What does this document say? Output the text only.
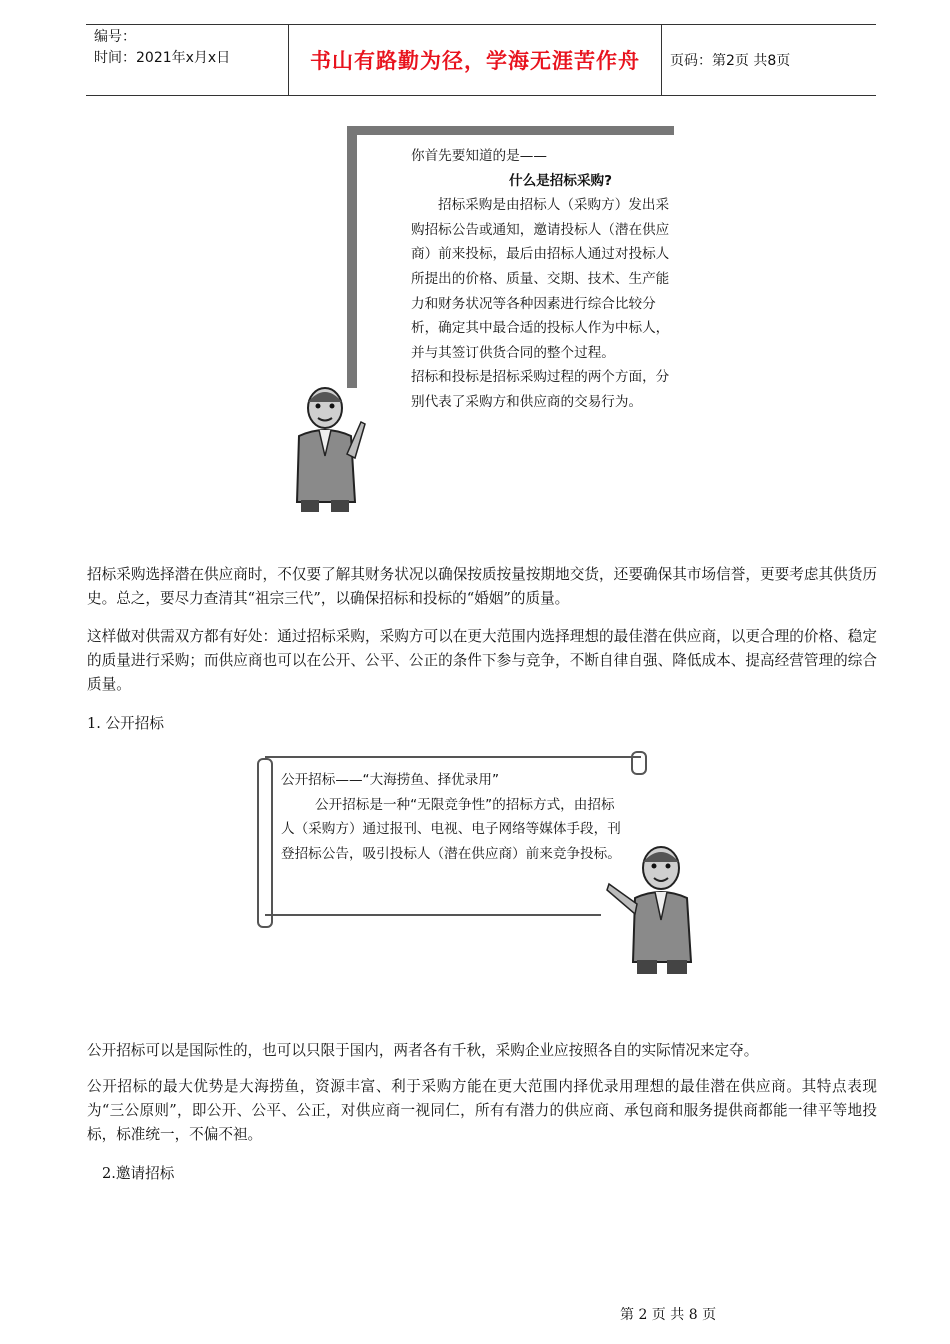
编号：
时间：2021年x月x日	书山有路勤为径，学海无涯苦作舟	页码：第2页 共8页

你首先要知道的是——

什么是招标采购?

招标采购是由招标人（采购方）发出采购招标公告或通知，邀请投标人（潜在供应商）前来投标，最后由招标人通过对投标人所提出的价格、质量、交期、技术、生产能力和财务状况等各种因素进行综合比较分析，确定其中最合适的投标人作为中标人，并与其签订供货合同的整个过程。

招标和投标是招标采购过程的两个方面，分别代表了采购方和供应商的交易行为。

招标采购选择潜在供应商时，不仅要了解其财务状况以确保按质按量按期地交货，还要确保其市场信誉，更要考虑其供货历史。总之，要尽力查清其“祖宗三代”，以确保招标和投标的“婚姻”的质量。

这样做对供需双方都有好处：通过招标采购，采购方可以在更大范围内选择理想的最佳潜在供应商，以更合理的价格、稳定的质量进行采购；而供应商也可以在公开、公平、公正的条件下参与竞争，不断自律自强、降低成本、提高经营管理的综合质量。

1. 公开招标

公开招标——“大海捞鱼、择优录用”

公开招标是一种“无限竞争性”的招标方式，由招标人（采购方）通过报刊、电视、电子网络等媒体手段，刊登招标公告，吸引投标人（潜在供应商）前来竞争投标。

公开招标可以是国际性的，也可以只限于国内，两者各有千秋，采购企业应按照各自的实际情况来定夺。

公开招标的最大优势是大海捞鱼，资源丰富、利于采购方能在更大范围内择优录用理想的最佳潜在供应商。其特点表现为“三公原则”，即公开、公平、公正，对供应商一视同仁，所有有潜力的供应商、承包商和服务提供商都能一律平等地投标，标准统一，不偏不袒。

2.邀请招标
第 2 页 共 8 页
